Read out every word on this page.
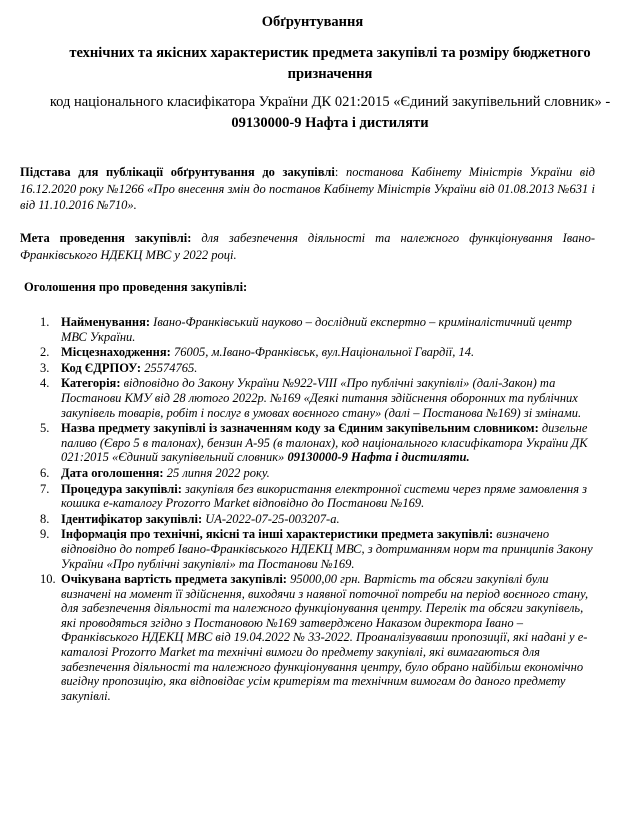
Обґрунтування
технічних та якісних характеристик предмета закупівлі та розміру бюджетного призначення
код національного класифікатора України ДК 021:2015 «Єдиний закупівельний словник» - 09130000-9 Нафта і дистиляти
Підстава для публікації обґрунтування до закупівлі: постанова Кабінету Міністрів України від 16.12.2020 року №1266 «Про внесення змін до постанов Кабінету Міністрів України від 01.08.2013 №631 і від 11.10.2016 №710».
Мета проведення закупівлі: для забезпечення діяльності та належного функціонування Івано-Франківського НДЕКЦ МВС у 2022 році.
Оголошення про проведення закупівлі:
1. Найменування: Івано-Франківський науково – дослідний експертно – криміналістичний центр МВС України.
2. Місцезнаходження: 76005, м.Івано-Франківськ, вул.Національної Гвардії, 14.
3. Код ЄДРПОУ: 25574765.
4. Категорія: відповідно до Закону України №922-VIII «Про публічні закупівлі» (далі-Закон) та Постанови КМУ від 28 лютого 2022р. №169 «Деякі питання здійснення оборонних та публічних закупівель товарів, робіт і послуг в умовах воєнного стану» (далі – Постанова №169) зі змінами.
5. Назва предмету закупівлі із зазначенням коду за Єдиним закупівельним словником: дизельне паливо (Євро 5 в талонах), бензин А-95 (в талонах), код національного класифікатора України ДК 021:2015 «Єдиний закупівельний словник» 09130000-9 Нафта і дистиляти.
6. Дата оголошення: 25 липня 2022 року.
7. Процедура закупівлі: закупівля без використання електронної системи через пряме замовлення з кошика е-каталогу Prozorro Market відповідно до Постанови №169.
8. Ідентифікатор закупівлі: UA-2022-07-25-003207-a.
9. Інформація про технічні, якісні та інші характеристики предмета закупівлі: визначено відповідно до потреб Івано-Франківського НДЕКЦ МВС, з дотриманням норм та принципів Закону України «Про публічні закупівлі» та Постанови №169.
10. Очікувана вартість предмета закупівлі: 95000,00 грн. Вартість та обсяги закупівлі були визначені на момент її здійснення, виходячи з наявної поточної потреби на період воєнного стану, для забезпечення діяльності та належного функціонування центру. Перелік та обсяги закупівель, які проводяться згідно з Постановою №169 затверджено Наказом директора Івано – Франківського НДЕКЦ МВС від 19.04.2022 № 33-2022. Проаналізувавши пропозиції, які надані у е-каталозі Prozorro Market та технічні вимоги до предмету закупівлі, які вимагаються для забезпечення діяльності та належного функціонування центру, було обрано найбільш економічно вигідну пропозицію, яка відповідає усім критеріям та технічним вимогам до даного предмету закупівлі.
